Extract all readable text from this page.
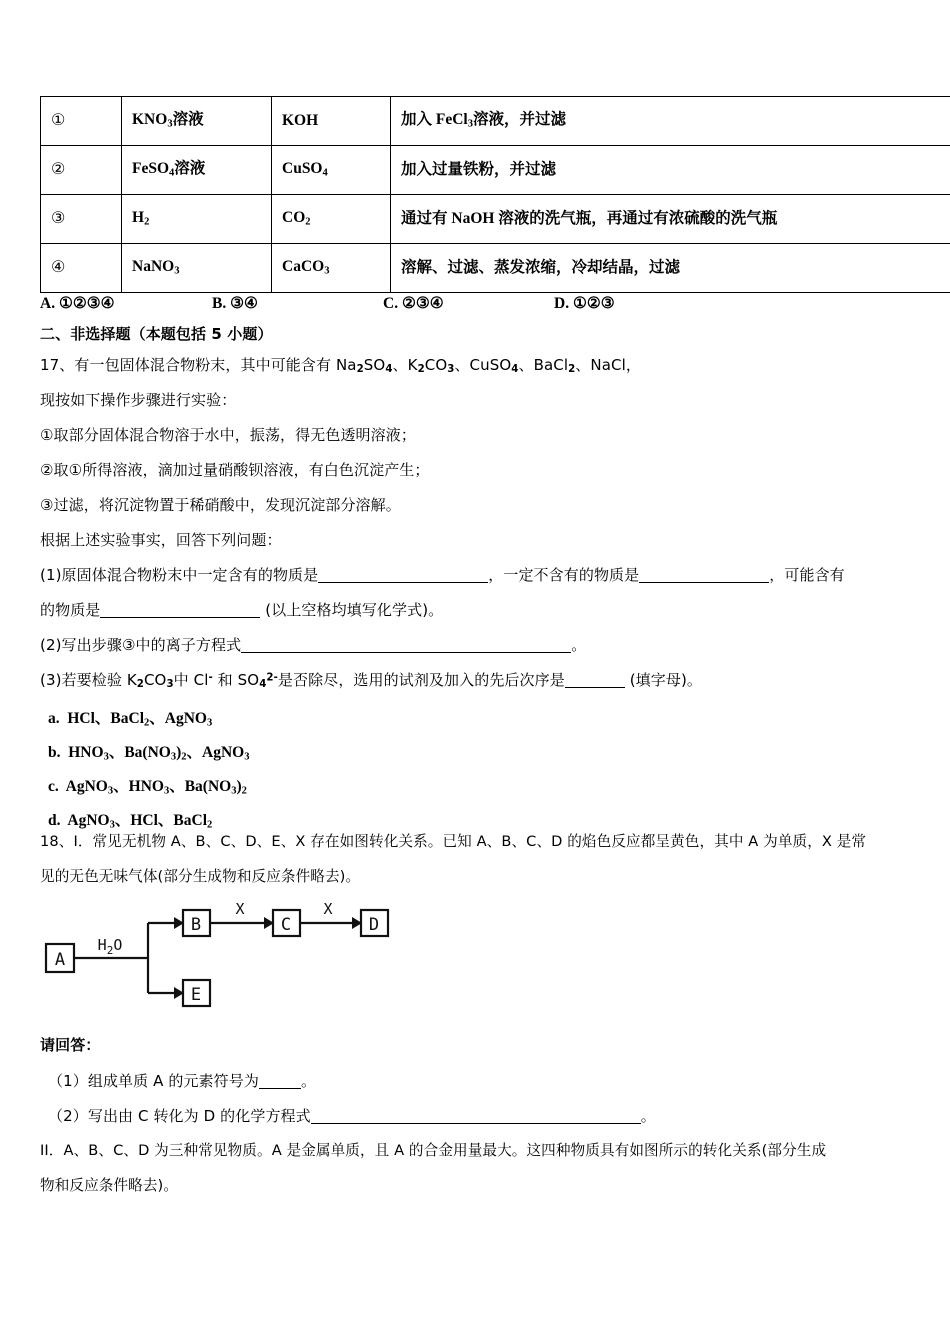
①	$KNO_3$溶液	KOH	加入 FeCl$_3$溶液，并过滤
②	FeSO$_4$溶液	CuSO$_4$	加入过量铁粉，并过滤
③	$H_2$	$CO_2$	通过有 NaOH 溶液的洗气瓶，再通过有浓硫酸的洗气瓶
④	NaNO$_3$	CaCO$_3$	溶解、过滤、蒸发浓缩，冷却结晶，过滤
A. ①②③④	B. ③④	C. ②③④	D. ①②③
二、非选择题（本题包括 5 小题）
17、有一包固体混合物粉末，其中可能含有 $Na_2SO_4$、$K_2CO_3$、CuSO$_4$、BaCl$_2$、NaCl，
现按如下操作步骤进行实验：
①取部分固体混合物溶于水中，振荡，得无色透明溶液；
②取①所得溶液，滴加过量硝酸钡溶液，有白色沉淀产生；
③过滤，将沉淀物置于稀硝酸中，发现沉淀部分溶解。
根据上述实验事实，回答下列问题：
(1)原固体混合物粉末中一定含有的物质是	，一定不含有的物质是	，可能含有
的物质是	(以上空格均填写化学式)。
(2)写出步骤③中的离子方程式	。
(3)若要检验 $K_2CO_3$中 Cl- 和 $SO_4^{2-}$是否除尽，选用的试剂及加入的先后次序是	(填字母)。
a. HCl、BaCl$_2$、AgNO$_3$
b. $HNO_3$、$Ba(NO_3)_2$、AgNO$_3$
c. AgNO$_3$、$HNO_3$、$Ba(NO_3)_2$
d. AgNO$_3$、HCl、BaCl$_2$
18、I．常见无机物 A、B、C、D、E、X 存在如图转化关系。已知 A、B、C、D 的焰色反应都呈黄色，其中 A 为单质，X 是常
见的无色无味气体(部分生成物和反应条件略去)。
A
B	C	D
E
X	X
$H_2O$
请回答：
（1）组成单质 A 的元素符号为	。
（2）写出由 C 转化为 D 的化学方程式	。
II．A、B、C、D 为三种常见物质。A 是金属单质，且 A 的合金用量最大。这四种物质具有如图所示的转化关系(部分生成
物和反应条件略去)。
